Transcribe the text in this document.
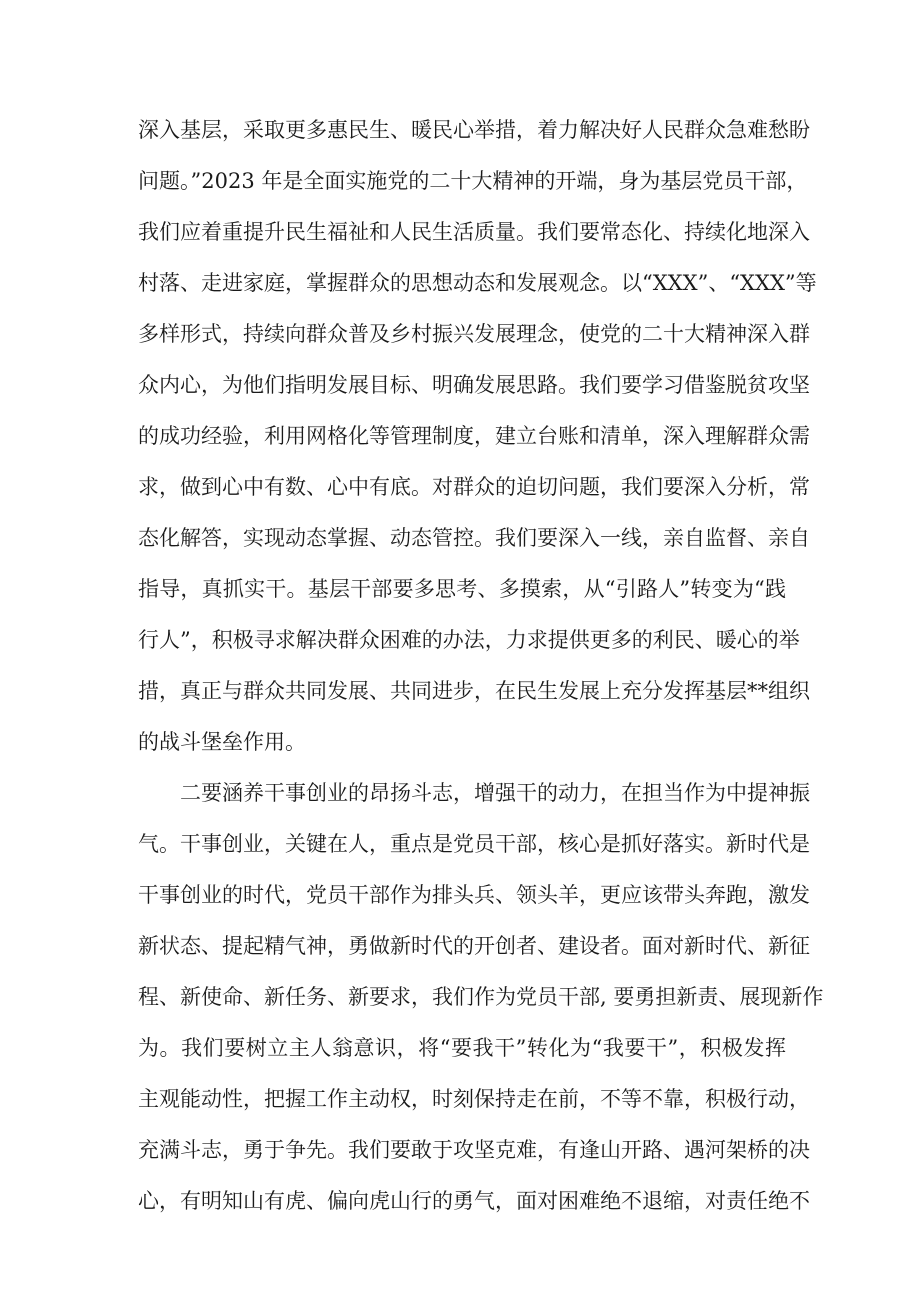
深入基层，采取更多惠民生、暖民心举措，着力解决好人民群众急难愁盼

问题。”2023 年是全面实施党的二十大精神的开端，身为基层党员干部，

我们应着重提升民生福祉和人民生活质量。我们要常态化、持续化地深入

村落、走进家庭，掌握群众的思想动态和发展观念。以“XXX”、“XXX”等

多样形式，持续向群众普及乡村振兴发展理念，使党的二十大精神深入群

众内心，为他们指明发展目标、明确发展思路。我们要学习借鉴脱贫攻坚

的成功经验，利用网格化等管理制度，建立台账和清单，深入理解群众需

求，做到心中有数、心中有底。对群众的迫切问题，我们要深入分析，常

态化解答，实现动态掌握、动态管控。我们要深入一线，亲自监督、亲自

指导，真抓实干。基层干部要多思考、多摸索，从“引路人”转变为“践

行人”，积极寻求解决群众困难的办法，力求提供更多的利民、暖心的举

措，真正与群众共同发展、共同进步，在民生发展上充分发挥基层**组织

的战斗堡垒作用。

二要涵养干事创业的昂扬斗志，增强干的动力，在担当作为中提神振

气。干事创业，关键在人，重点是党员干部，核心是抓好落实。新时代是

干事创业的时代，党员干部作为排头兵、领头羊，更应该带头奔跑，激发

新状态、提起精气神，勇做新时代的开创者、建设者。面对新时代、新征

程、新使命、新任务、新要求，我们作为党员干部, 要勇担新责、展现新作

为。我们要树立主人翁意识，将“要我干”转化为“我要干”，积极发挥

主观能动性，把握工作主动权，时刻保持走在前，不等不靠，积极行动，

充满斗志，勇于争先。我们要敢于攻坚克难，有逢山开路、遇河架桥的决

心，有明知山有虎、偏向虎山行的勇气，面对困难绝不退缩，对责任绝不
